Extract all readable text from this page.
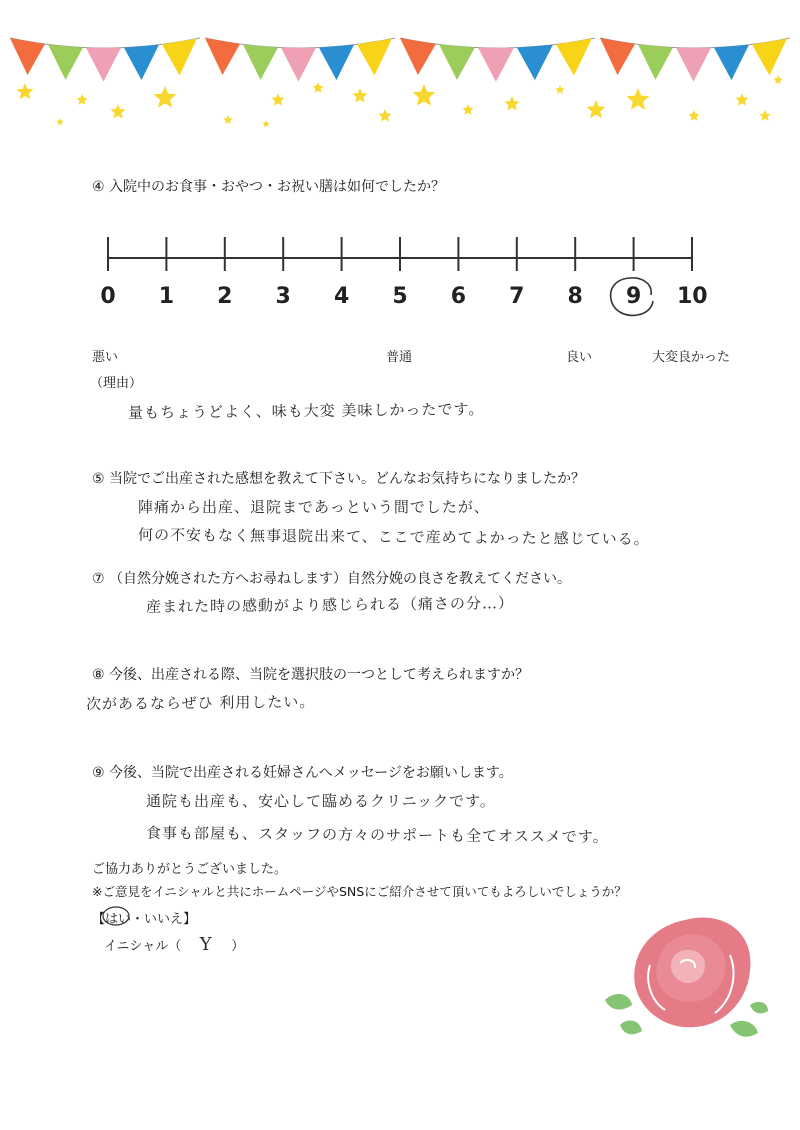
④ 入院中のお食事・おやつ・お祝い膳は如何でしたか？
0	1	2	3	4	5	6	7	8	9	10
悪い	普通	良い	大変良かった
（理由）
量もちょうどよく、味も大変 美味しかったです。
⑤ 当院でご出産された感想を教えて下さい。どんなお気持ちになりましたか？
陣痛から出産、退院まであっという間でしたが、
何の不安もなく無事退院出来て、ここで産めてよかったと感じている。
⑦ （自然分娩された方へお尋ねします）自然分娩の良さを教えてください。
産まれた時の感動がより感じられる（痛さの分…）
⑧ 今後、出産される際、当院を選択肢の一つとして考えられますか？
次があるならぜひ 利用したい。
⑨ 今後、当院で出産される妊婦さんへメッセージをお願いします。
通院も出産も、安心して臨めるクリニックです。
食事も部屋も、スタッフの方々のサポートも全てオススメです。
ご協力ありがとうございました。
※ご意見をイニシャルと共にホームページやSNSにご紹介させて頂いてもよろしいでしょうか？
【はい
・いいえ】
イニシャル（ Y ）
